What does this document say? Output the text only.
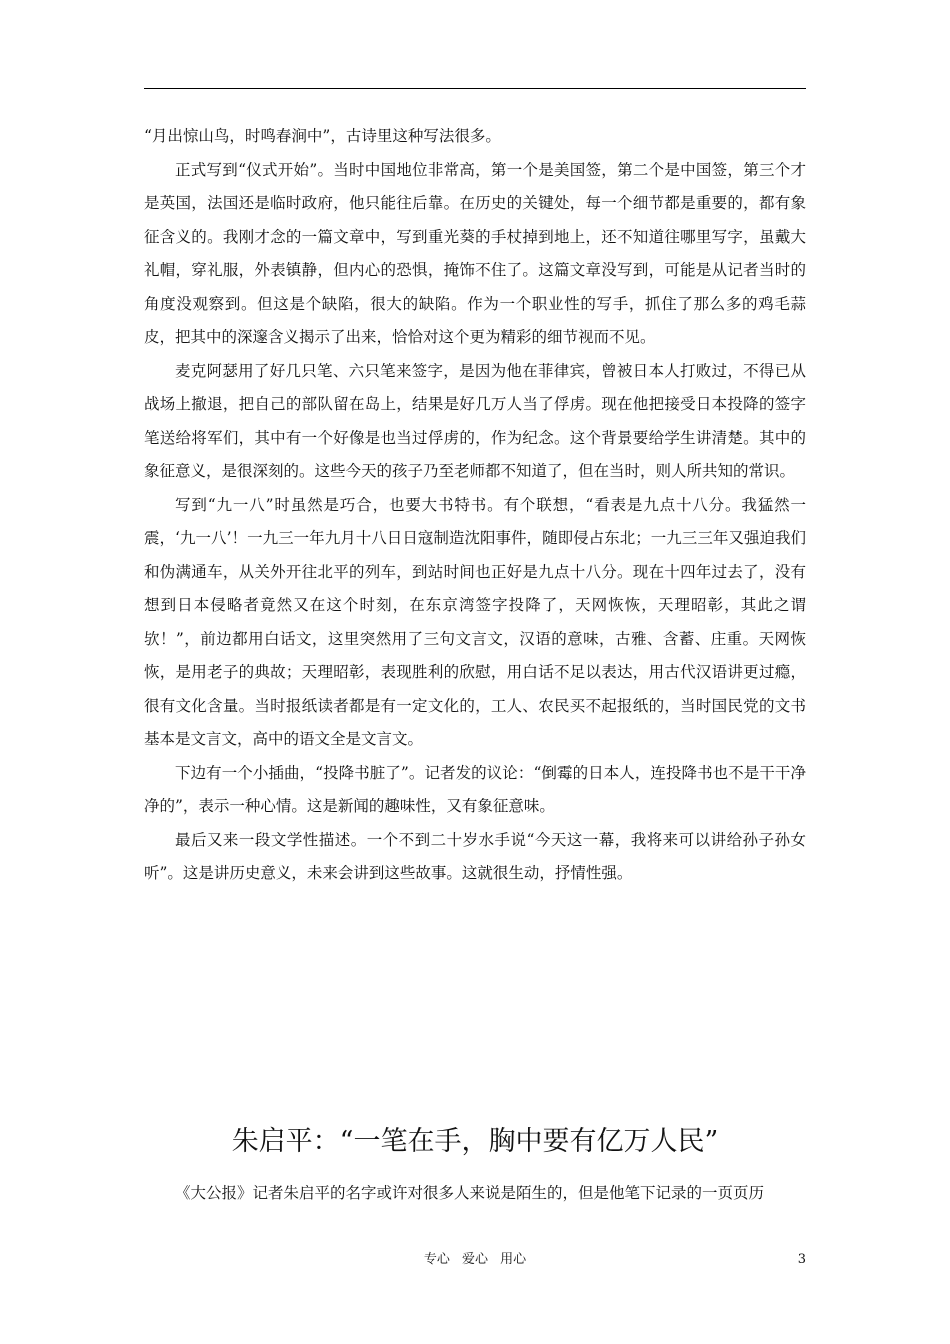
“月出惊山鸟，时鸣春涧中”，古诗里这种写法很多。

正式写到“仪式开始”。当时中国地位非常高，第一个是美国签，第二个是中国签，第三个才是英国，法国还是临时政府，他只能往后靠。在历史的关键处，每一个细节都是重要的，都有象征含义的。我刚才念的一篇文章中，写到重光葵的手杖掉到地上，还不知道往哪里写字，虽戴大礼帽，穿礼服，外表镇静，但内心的恐惧，掩饰不住了。这篇文章没写到，可能是从记者当时的角度没观察到。但这是个缺陷，很大的缺陷。作为一个职业性的写手，抓住了那么多的鸡毛蒜皮，把其中的深邃含义揭示了出来，恰恰对这个更为精彩的细节视而不见。

麦克阿瑟用了好几只笔、六只笔来签字，是因为他在菲律宾，曾被日本人打败过，不得已从战场上撤退，把自己的部队留在岛上，结果是好几万人当了俘虏。现在他把接受日本投降的签字笔送给将军们，其中有一个好像是也当过俘虏的，作为纪念。这个背景要给学生讲清楚。其中的象征意义，是很深刻的。这些今天的孩子乃至老师都不知道了，但在当时，则人所共知的常识。

写到“九一八”时虽然是巧合，也要大书特书。有个联想，“看表是九点十八分。我猛然一震，‘九一八’！一九三一年九月十八日日寇制造沈阳事件，随即侵占东北；一九三三年又强迫我们和伪满通车，从关外开往北平的列车，到站时间也正好是九点十八分。现在十四年过去了，没有想到日本侵略者竟然又在这个时刻，在东京湾签字投降了，天网恢恢，天理昭彰，其此之谓欤！”，前边都用白话文，这里突然用了三句文言文，汉语的意味，古雅、含蓄、庄重。天网恢恢，是用老子的典故；天理昭彰，表现胜利的欣慰，用白话不足以表达，用古代汉语讲更过瘾，很有文化含量。当时报纸读者都是有一定文化的，工人、农民买不起报纸的，当时国民党的文书基本是文言文，高中的语文全是文言文。

下边有一个小插曲，“投降书脏了”。记者发的议论：“倒霉的日本人，连投降书也不是干干净净的”，表示一种心情。这是新闻的趣味性，又有象征意味。

最后又来一段文学性描述。一个不到二十岁水手说“今天这一幕，我将来可以讲给孙子孙女听”。这是讲历史意义，未来会讲到这些故事。这就很生动，抒情性强。

朱启平：“一笔在手，胸中要有亿万人民”

《大公报》记者朱启平的名字或许对很多人来说是陌生的，但是他笔下记录的一页页历

专心 爱心 用心	3
